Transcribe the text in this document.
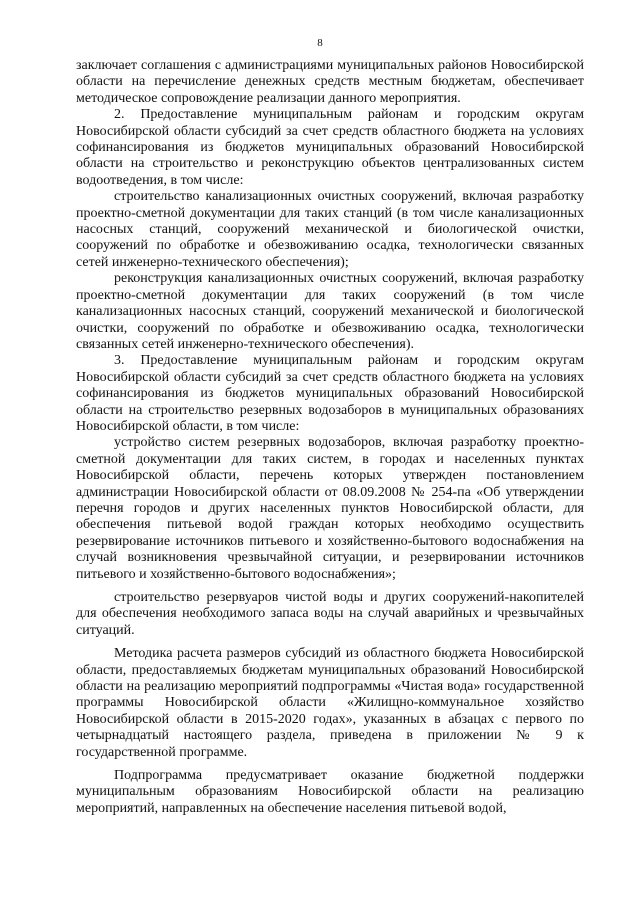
8

заключает соглашения с администрациями муниципальных районов Новосибирской области на перечисление денежных средств местным бюджетам, обеспечивает методическое сопровождение реализации данного мероприятия.

2. Предоставление муниципальным районам и городским округам Новосибирской области субсидий за счет средств областного бюджета на условиях софинансирования из бюджетов муниципальных образований Новосибирской области на строительство и реконструкцию объектов централизованных систем водоотведения, в том числе:

строительство канализационных очистных сооружений, включая разработку проектно-сметной документации для таких станций (в том числе канализационных насосных станций, сооружений механической и биологической очистки, сооружений по обработке и обезвоживанию осадка, технологически связанных сетей инженерно-технического обеспечения);

реконструкция канализационных очистных сооружений, включая разработку проектно-сметной документации для таких сооружений (в том числе канализационных насосных станций, сооружений механической и биологической очистки, сооружений по обработке и обезвоживанию осадка, технологически связанных сетей инженерно-технического обеспечения).

3. Предоставление муниципальным районам и городским округам Новосибирской области субсидий за счет средств областного бюджета на условиях софинансирования из бюджетов муниципальных образований Новосибирской области на строительство резервных водозаборов в муниципальных образованиях Новосибирской области, в том числе:

устройство систем резервных водозаборов, включая разработку проектно-сметной документации для таких систем, в городах и населенных пунктах Новосибирской области, перечень которых утвержден постановлением администрации Новосибирской области от 08.09.2008 № 254-па «Об утверждении перечня городов и других населенных пунктов Новосибирской области, для обеспечения питьевой водой граждан которых необходимо осуществить резервирование источников питьевого и хозяйственно-бытового водоснабжения на случай возникновения чрезвычайной ситуации, и резервировании источников питьевого и хозяйственно-бытового водоснабжения»;

строительство резервуаров чистой воды и других сооружений-накопителей для обеспечения необходимого запаса воды на случай аварийных и чрезвычайных ситуаций.

Методика расчета размеров субсидий из областного бюджета Новосибирской области, предоставляемых бюджетам муниципальных образований Новосибирской области на реализацию мероприятий подпрограммы «Чистая вода» государственной программы Новосибирской области «Жилищно-коммунальное хозяйство Новосибирской области в 2015-2020 годах», указанных в абзацах с первого по четырнадцатый настоящего раздела, приведена в приложении № 9 к государственной программе.

Подпрограмма предусматривает оказание бюджетной поддержки муниципальным образованиям Новосибирской области на реализацию мероприятий, направленных на обеспечение населения питьевой водой,
